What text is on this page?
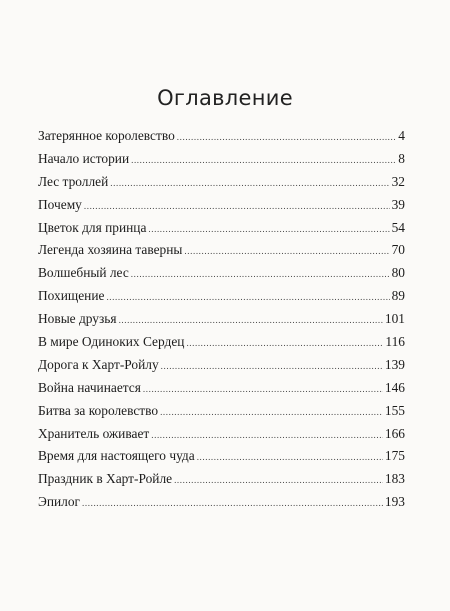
Оглавление
Затерянное королевство .....	4
Начало истории .....	8
Лес троллей .....	32
Почему .....	39
Цветок для принца .....	54
Легенда хозяина таверны .....	70
Волшебный лес .....	80
Похищение .....	89
Новые друзья .....	101
В мире Одиноких Сердец .....	116
Дорога к Харт-Ройлу .....	139
Война начинается .....	146
Битва за королевство .....	155
Хранитель оживает .....	166
Время для настоящего чуда .....	175
Праздник в Харт-Ройле .....	183
Эпилог .....	193
